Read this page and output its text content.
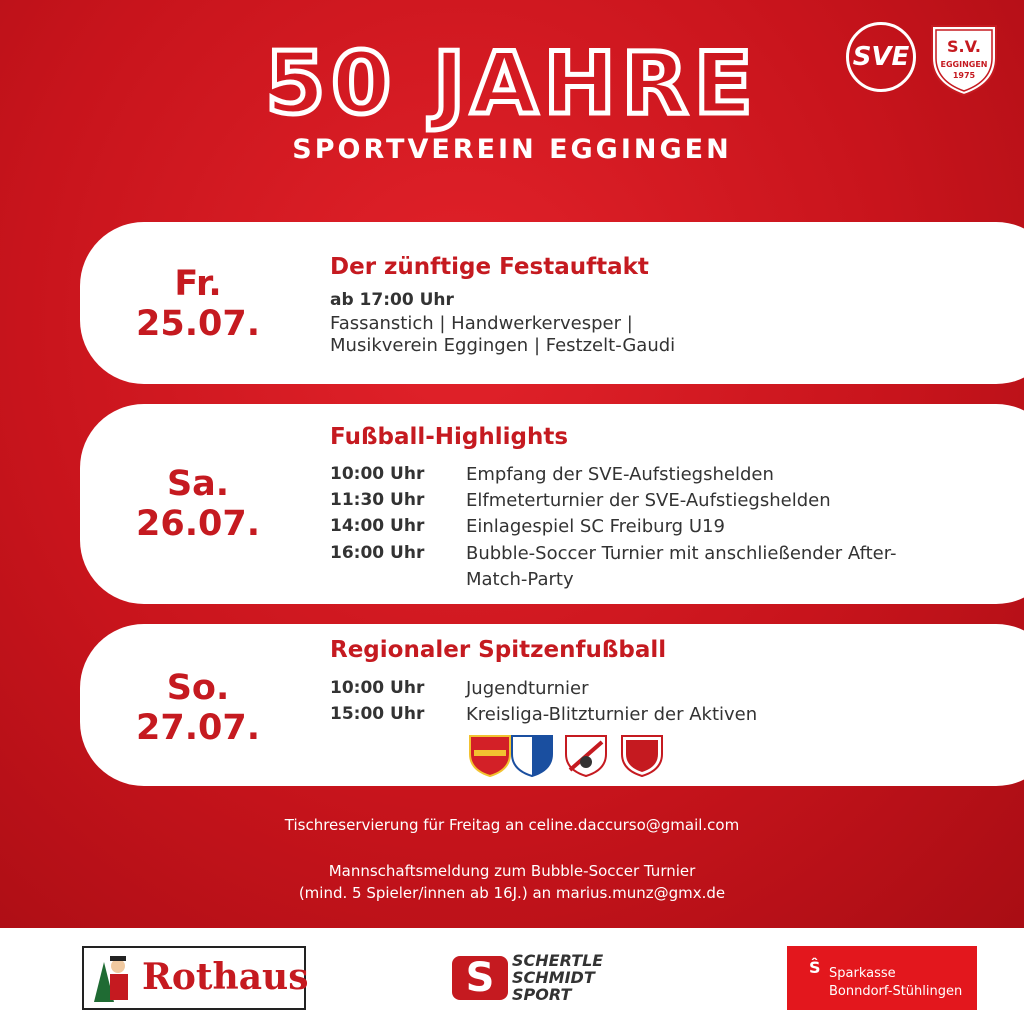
50 JAHRE
SPORTVEREIN EGGINGEN
SVE S.V.
EGGINGEN
1975
Fr.
25.07.
Der zünftige Festauftakt
ab 17:00 Uhr
Fassanstich | Handwerkervesper |
Musikverein Eggingen | Festzelt-Gaudi
Sa.
26.07.
Fußball-Highlights
10:00 Uhr Empfang der SVE-Aufstiegshelden
11:30 Uhr Elfmeterturnier der SVE-Aufstiegshelden
14:00 Uhr Einlagespiel SC Freiburg U19
16:00 Uhr Bubble-Soccer Turnier mit anschließender After-
Match-Party
So.
27.07.
Regionaler Spitzenfußball
10:00 Uhr Jugendturnier
15:00 Uhr Kreisliga-Blitzturnier der Aktiven
Tischreservierung für Freitag an celine.daccurso@gmail.com
Mannschaftsmeldung zum Bubble-Soccer Turnier
(mind. 5 Spieler/innen ab 16J.) an marius.munz@gmx.de
Rothaus	S	SCHERTLE
SCHMIDT
SPORT
Ŝ Sparkasse
Bonndorf-Stühlingen
